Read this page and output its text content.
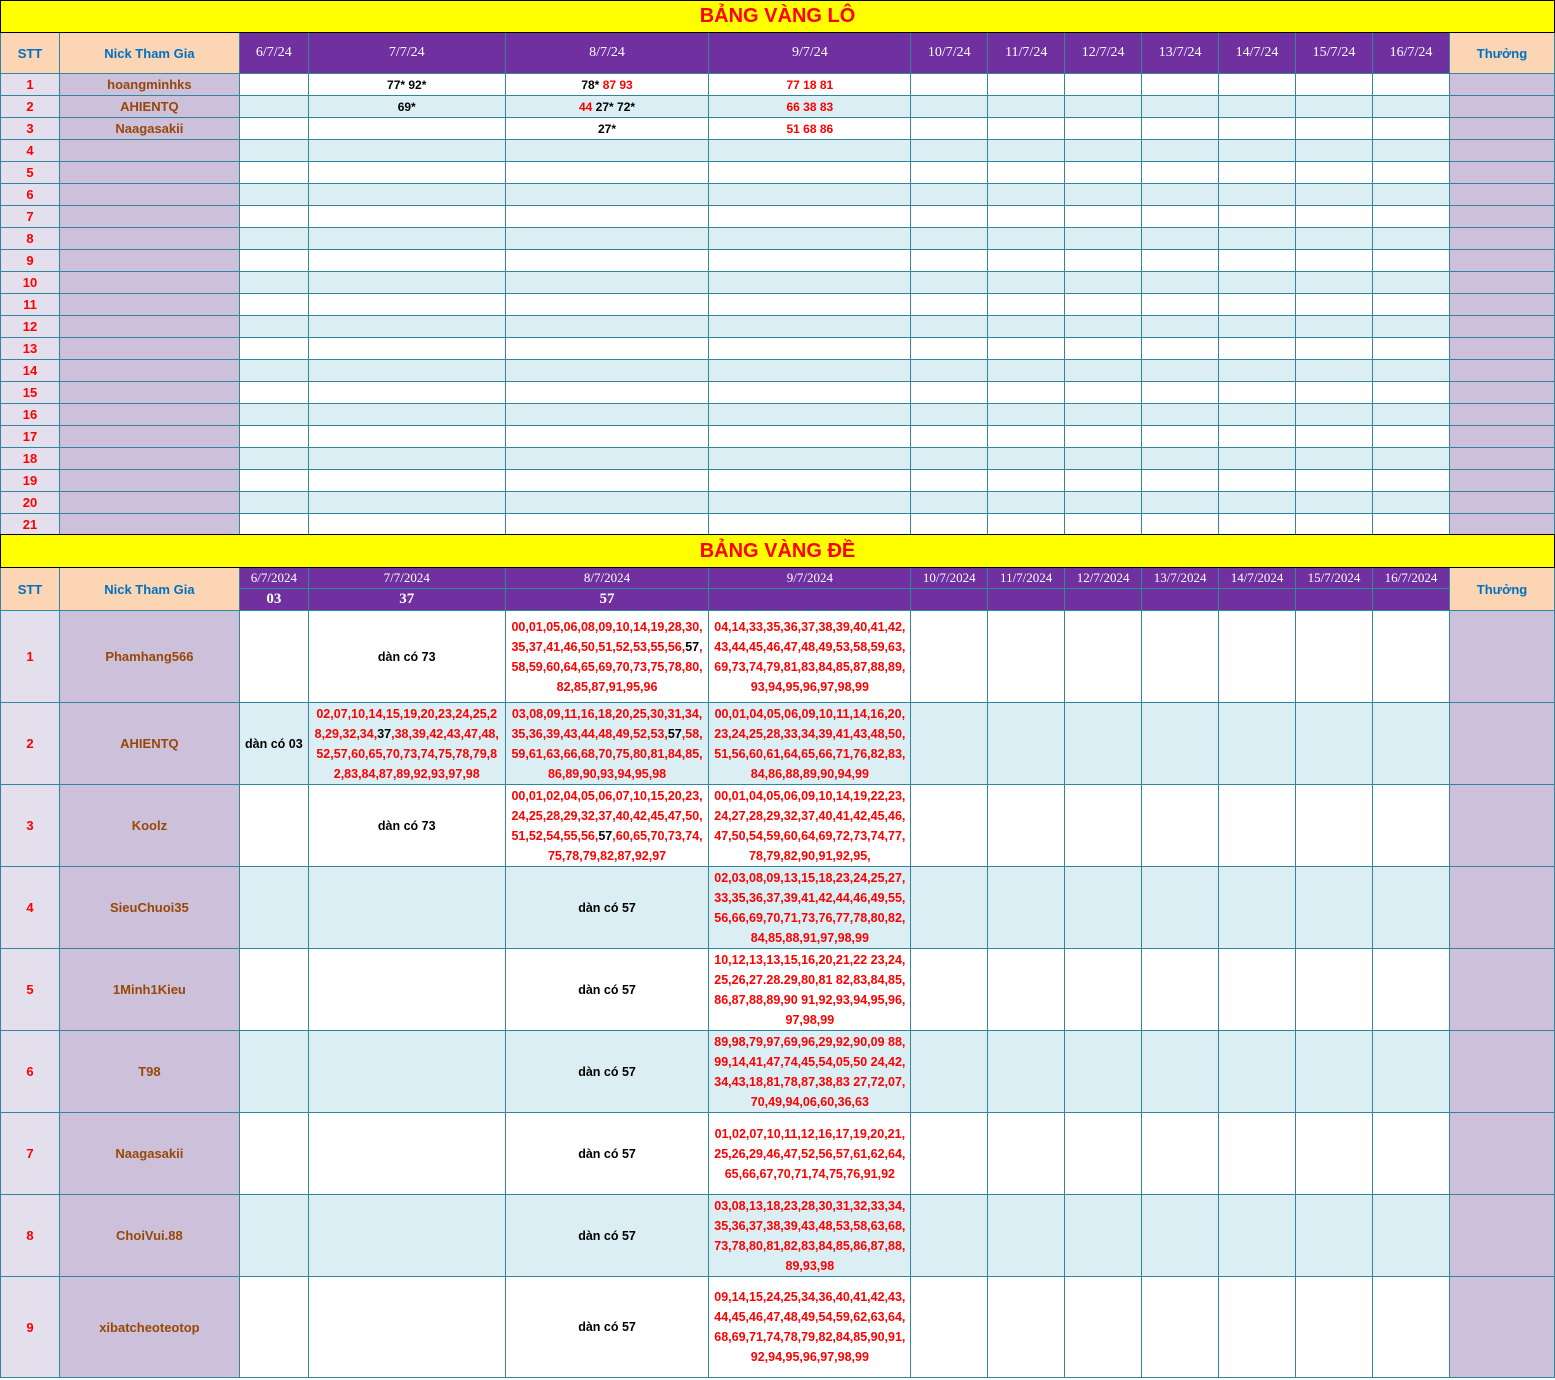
BẢNG VÀNG LÔ													
STT	Nick Tham Gia	6/7/24	7/7/24	8/7/24	9/7/24	10/7/24	11/7/24	12/7/24	13/7/24	14/7/24	15/7/24	16/7/24	Thưởng
1	hoangminhks		77* 92*	78* 87 93	77 18 81								
2	AHIENTQ		69*	44 27* 72*	66 38 83								
3	Naagasakii			27*	51 68 86								
4													
5													
6													
7													
8													
9													
10													
11													
12													
13													
14													
15													
16													
17													
18													
19													
20													
21													
BẢNG VÀNG ĐỀ													
STT	Nick Tham Gia	6/7/2024	7/7/2024	8/7/2024	9/7/2024	10/7/2024	11/7/2024	12/7/2024	13/7/2024	14/7/2024	15/7/2024	16/7/2024	Thưởng
		03	37	57									
1	Phamhang566		dàn có 73	00,01,05,06,08,09,10,14,19,28,30,35,37,41,46,50,51,52,53,55,56,57,58,59,60,64,65,69,70,73,75,78,80,82,85,87,91,95,96	04,14,33,35,36,37,38,39,40,41,42,43,44,45,46,47,48,49,53,58,59,63,69,73,74,79,81,83,84,85,87,88,89,93,94,95,96,97,98,99								
2	AHIENTQ	dàn có 03	02,07,10,14,15,19,20,23,24,25,28,29,32,34,37,38,39,42,43,47,48,52,57,60,65,70,73,74,75,78,79,82,83,84,87,89,92,93,97,98	03,08,09,11,16,18,20,25,30,31,34,35,36,39,43,44,48,49,52,53,57,58,59,61,63,66,68,70,75,80,81,84,85,86,89,90,93,94,95,98	00,01,04,05,06,09,10,11,14,16,20,23,24,25,28,33,34,39,41,43,48,50,51,56,60,61,64,65,66,71,76,82,83,84,86,88,89,90,94,99								
3	Koolz		dàn có 73	00,01,02,04,05,06,07,10,15,20,23,24,25,28,29,32,37,40,42,45,47,50,51,52,54,55,56,57,60,65,70,73,74,75,78,79,82,87,92,97	00,01,04,05,06,09,10,14,19,22,23,24,27,28,29,32,37,40,41,42,45,46,47,50,54,59,60,64,69,72,73,74,77,78,79,82,90,91,92,95,								
4	SieuChuoi35			dàn có 57	02,03,08,09,13,15,18,23,24,25,27,33,35,36,37,39,41,42,44,46,49,55,56,66,69,70,71,73,76,77,78,80,82,84,85,88,91,97,98,99								
5	1Minh1Kieu			dàn có 57	10,12,13,13,15,16,20,21,22 23,24,25,26,27.28.29,80,81 82,83,84,85,86,87,88,89,90 91,92,93,94,95,96,97,98,99								
6	T98			dàn có 57	89,98,79,97,69,96,29,92,90,09 88,99,14,41,47,74,45,54,05,50 24,42,34,43,18,81,78,87,38,83 27,72,07,70,49,94,06,60,36,63								
7	Naagasakii			dàn có 57	01,02,07,10,11,12,16,17,19,20,21,25,26,29,46,47,52,56,57,61,62,64,65,66,67,70,71,74,75,76,91,92								
8	ChoiVui.88			dàn có 57	03,08,13,18,23,28,30,31,32,33,34,35,36,37,38,39,43,48,53,58,63,68,73,78,80,81,82,83,84,85,86,87,88,89,93,98								
9	xibatcheoteotop			dàn có 57	09,14,15,24,25,34,36,40,41,42,43,44,45,46,47,48,49,54,59,62,63,64,68,69,71,74,78,79,82,84,85,90,91,92,94,95,96,97,98,99								
